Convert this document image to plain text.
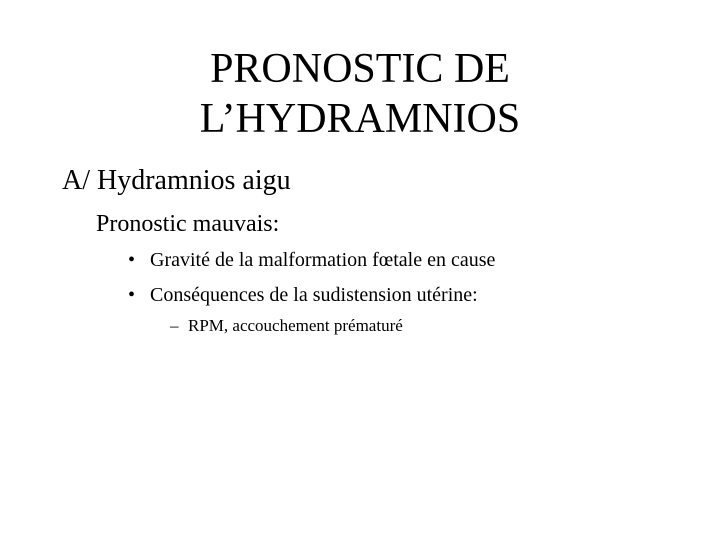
PRONOSTIC DE
L’HYDRAMNIOS
A/ Hydramnios aigu
Pronostic mauvais:
• Gravité de la malformation fœtale en cause
• Conséquences de la sudistension utérine:
– RPM, accouchement prématuré
